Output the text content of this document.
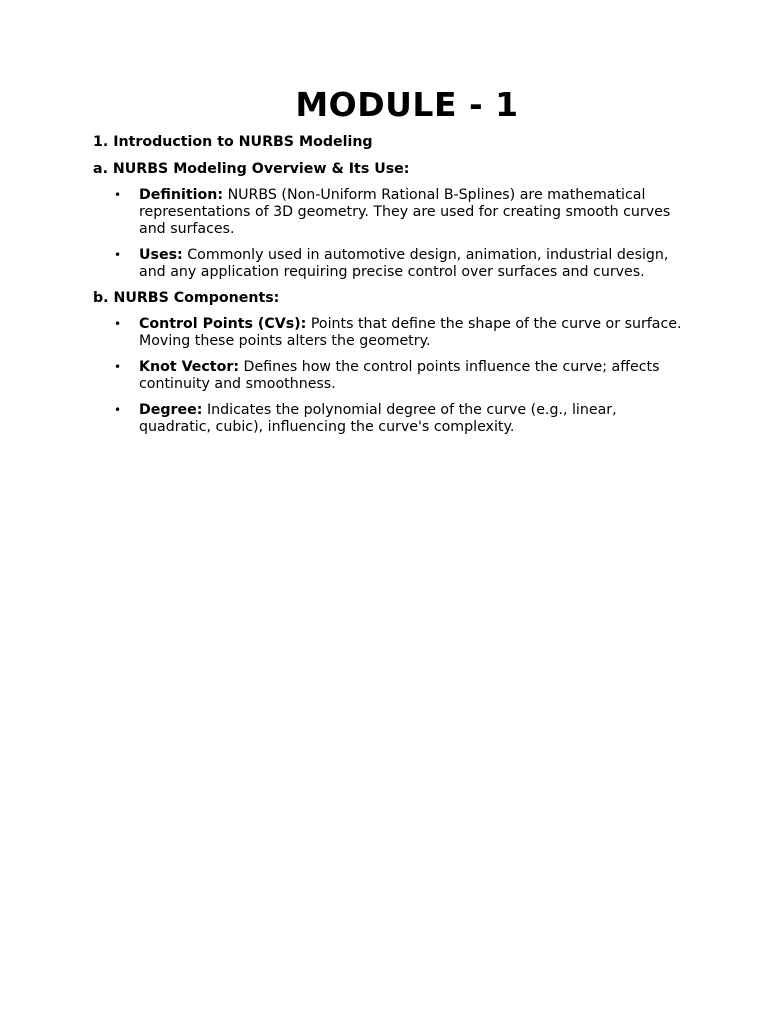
MODULE - 1

1. Introduction to NURBS Modeling

a. NURBS Modeling Overview & Its Use:

• Definition: NURBS (Non-Uniform Rational B-Splines) are mathematical representations of 3D geometry. They are used for creating smooth curves and surfaces.
• Uses: Commonly used in automotive design, animation, industrial design, and any application requiring precise control over surfaces and curves.

b. NURBS Components:

• Control Points (CVs): Points that define the shape of the curve or surface. Moving these points alters the geometry.
• Knot Vector: Defines how the control points influence the curve; affects continuity and smoothness.
• Degree: Indicates the polynomial degree of the curve (e.g., linear, quadratic, cubic), influencing the curve's complexity.
